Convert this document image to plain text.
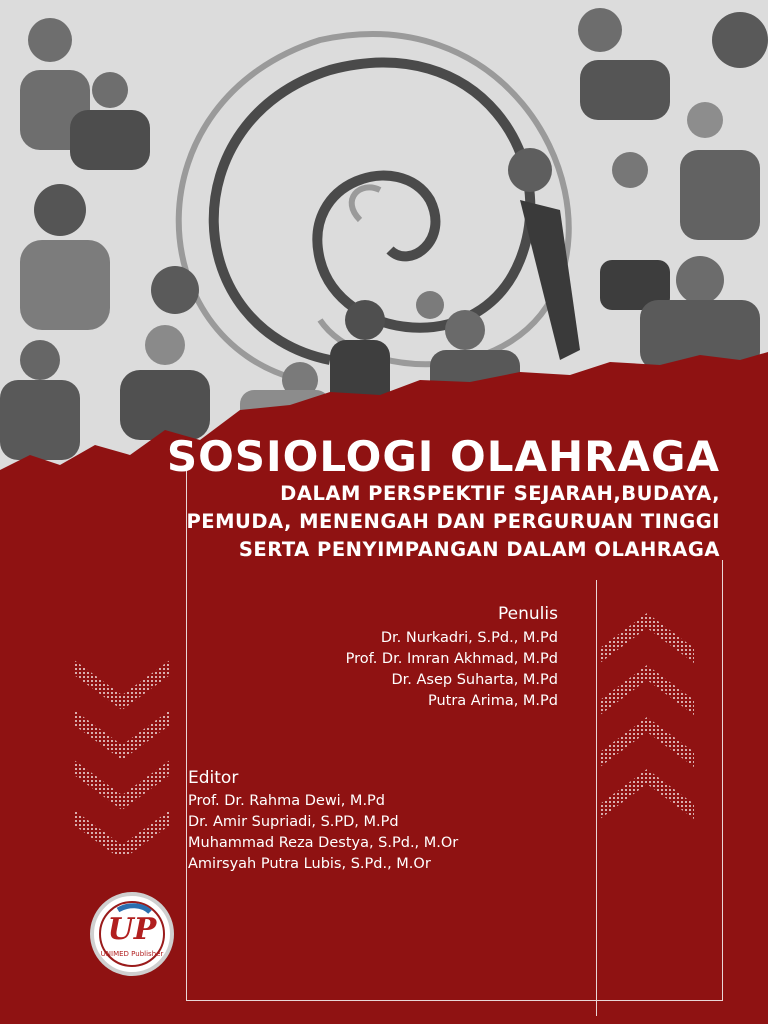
SOSIOLOGI OLAHRAGA
DALAM PERSPEKTIF SEJARAH,BUDAYA,
PEMUDA, MENENGAH DAN PERGURUAN TINGGI
SERTA PENYIMPANGAN DALAM OLAHRAGA
Penulis
Dr. Nurkadri, S.Pd., M.Pd
Prof. Dr. Imran Akhmad, M.Pd
Dr. Asep Suharta, M.Pd
Putra Arima, M.Pd
Editor
Prof. Dr. Rahma Dewi, M.Pd
Dr. Amir Supriadi, S.PD, M.Pd
Muhammad Reza Destya, S.Pd., M.Or
Amirsyah Putra Lubis, S.Pd., M.Or
UP
UNIMED Publisher
